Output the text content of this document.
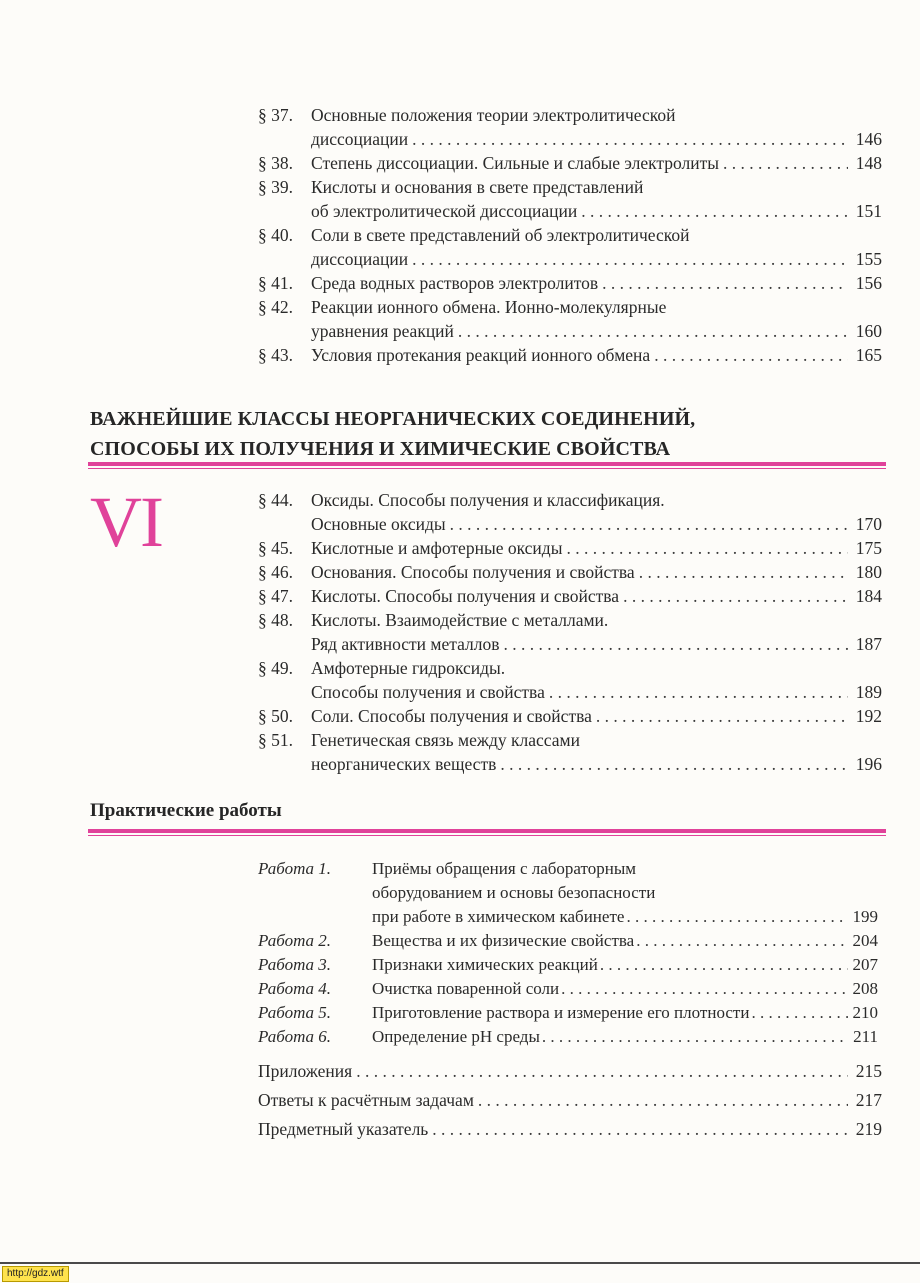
§ 37. Основные положения теории электролитической
диссоциации . . .	146
§ 38. Степень диссоциации. Сильные и слабые электролиты . . .	148
§ 39. Кислоты и основания в свете представлений
об электролитической диссоциации . . .	151
§ 40. Соли в свете представлений об электролитической
диссоциации . . .	155
§ 41. Среда водных растворов электролитов . . .	156
§ 42. Реакции ионного обмена. Ионно-молекулярные
уравнения реакций . . .	160
§ 43. Условия протекания реакций ионного обмена . . .	165
ВАЖНЕЙШИЕ КЛАССЫ НЕОРГАНИЧЕСКИХ СОЕДИНЕНИЙ,
СПОСОБЫ ИХ ПОЛУЧЕНИЯ И ХИМИЧЕСКИЕ СВОЙСТВА
VI	§ 44. Оксиды. Способы получения и классификация.
Основные оксиды . . .	170
§ 45. Кислотные и амфотерные оксиды . . .	175
§ 46. Основания. Способы получения и свойства . . .	180
§ 47. Кислоты. Способы получения и свойства . . .	184
§ 48. Кислоты. Взаимодействие с металлами.
Ряд активности металлов . . .	187
§ 49. Амфотерные гидроксиды.
Способы получения и свойства . . .	189
§ 50. Соли. Способы получения и свойства . . .	192
§ 51. Генетическая связь между классами
неорганических веществ . . .	196
Практические работы
Работа 1. Приёмы обращения с лабораторным
оборудованием и основы безопасности
при работе в химическом кабинете . . .	199
Работа 2. Вещества и их физические свойства . . .	204
Работа 3. Признаки химических реакций . . .	207
Работа 4. Очистка поваренной соли . . .	208
Работа 5. Приготовление раствора и измерение его плотности . . .	210
Работа 6. Определение pH среды . . .	211
Приложения . . .	215
Ответы к расчётным задачам . . .	217
Предметный указатель . . .	219
http://gdz.wtf
